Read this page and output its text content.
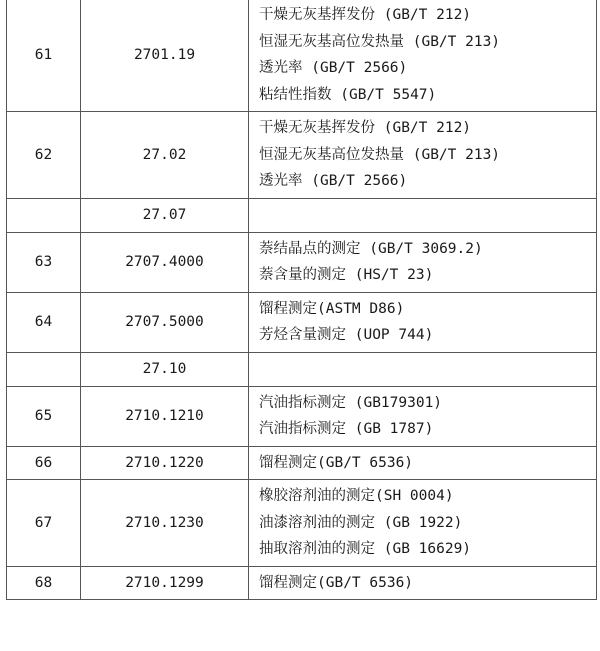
61	2701.19	干燥无灰基挥发份 (GB/T 212)
恒湿无灰基高位发热量 (GB/T 213)
透光率 (GB/T 2566)
粘结性指数 (GB/T 5547)

62	27.02	干燥无灰基挥发份 (GB/T 212)
恒湿无灰基高位发热量 (GB/T 213)
透光率 (GB/T 2566)

	27.07	
63	2707.4000	萘结晶点的测定 (GB/T 3069.2)
萘含量的测定 (HS/T 23)

64	2707.5000	馏程测定(ASTM D86)
芳烃含量测定 (UOP 744)

	27.10	
65	2710.1210	汽油指标测定 (GB179301)
汽油指标测定 (GB 1787)

66	2710.1220	馏程测定(GB/T 6536)

67	2710.1230	橡胶溶剂油的测定(SH 0004)
油漆溶剂油的测定 (GB 1922)
抽取溶剂油的测定 (GB 16629)

68	2710.1299	馏程测定(GB/T 6536)
